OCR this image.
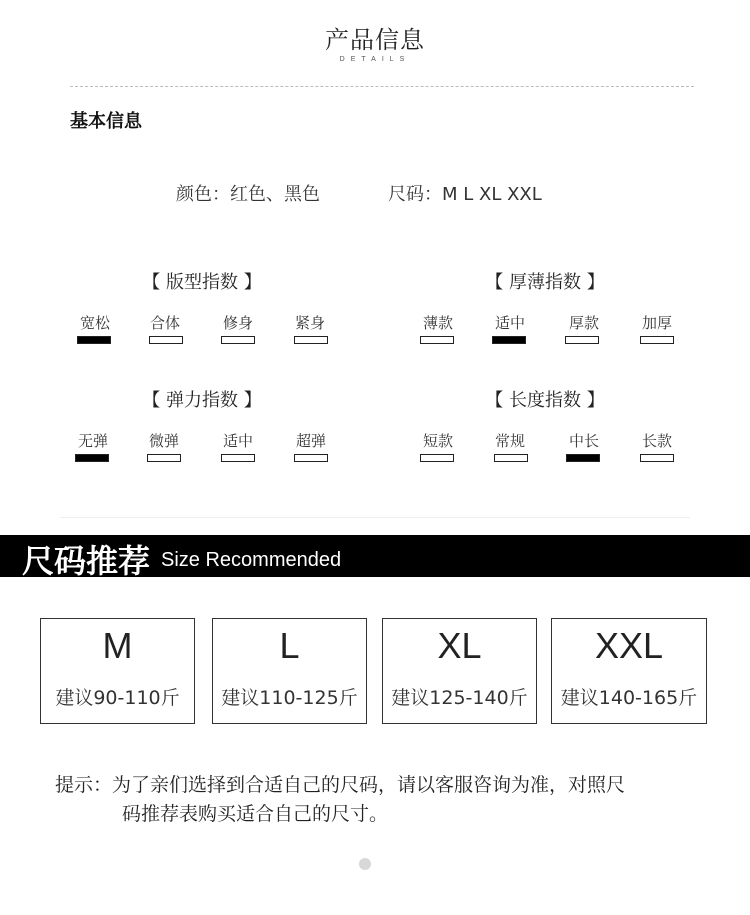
产品信息
DETAILS
基本信息
颜色：红色、黑色	尺码：M L XL XXL
【 版型指数 】
宽松	合体	修身	紧身
【 厚薄指数 】
薄款	适中	厚款	加厚
【 弹力指数 】
无弹	微弹	适中	超弹
【 长度指数 】
短款	常规	中长	长款
尺码推荐 Size Recommended
M
建议90-110斤
L
建议110-125斤
XL
建议125-140斤
XXL
建议140-165斤
提示：为了亲们选择到合适自己的尺码，请以客服咨询为准，对照尺
码推荐表购买适合自己的尺寸。
